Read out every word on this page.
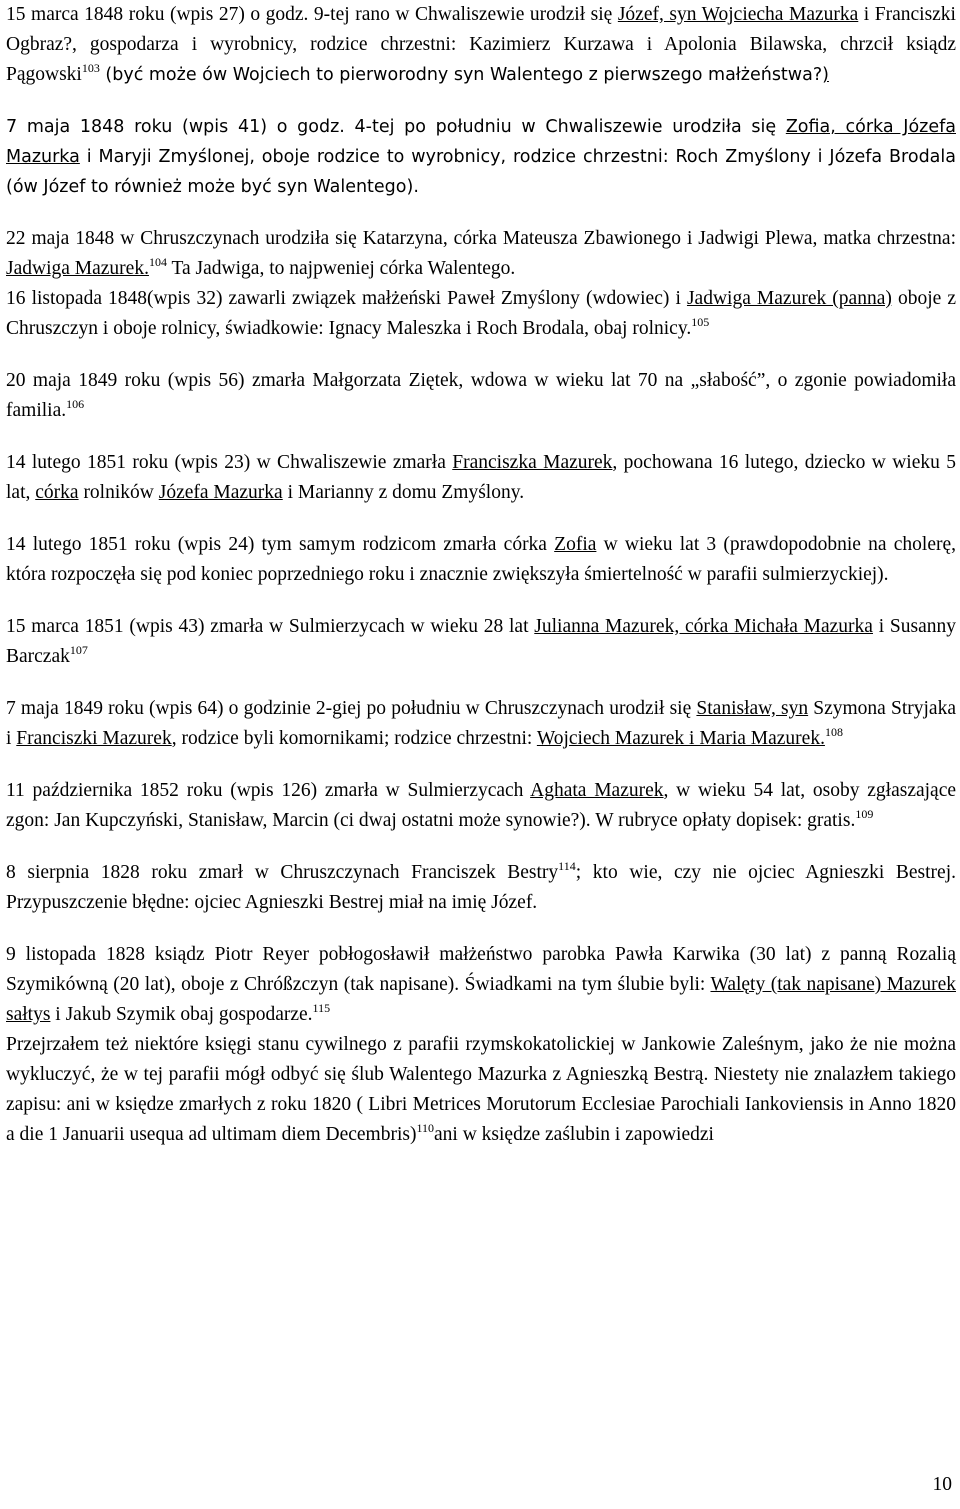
15 marca 1848 roku (wpis 27) o godz. 9-tej rano w Chwaliszewie urodził się Józef, syn Wojciecha Mazurka i Franciszki Ogbraz?, gospodarza i wyrobnicy, rodzice chrzestni: Kazimierz Kurzawa i Apolonia Bilawska, chrzcił ksiądz Pągowski$^{103}$ (być może ów Wojciech to pierworodny syn Walentego z pierwszego małżeństwa?)

7 maja 1848 roku (wpis 41) o godz. 4-tej po południu w Chwaliszewie urodziła się Zofia, córka Józefa Mazurka i Maryji Zmyślonej, oboje rodzice to wyrobnicy, rodzice chrzestni: Roch Zmyślony i Józefa Brodala (ów Józef to również może być syn Walentego).

22 maja 1848 w Chruszczynach urodziła się Katarzyna, córka Mateusza Zbawionego i Jadwigi Plewa, matka chrzestna: Jadwiga Mazurek.$^{104}$ Ta Jadwiga, to najpweniej córka Walentego.

16 listopada 1848(wpis 32) zawarli związek małżeński Paweł Zmyślony (wdowiec) i Jadwiga Mazurek (panna) oboje z Chruszczyn i oboje rolnicy, świadkowie: Ignacy Maleszka i Roch Brodala, obaj rolnicy.$^{105}$

20 maja 1849 roku (wpis 56) zmarła Małgorzata Ziętek, wdowa w wieku lat 70 na „słabość”, o zgonie powiadomiła familia.$^{106}$

14 lutego 1851 roku (wpis 23) w Chwaliszewie zmarła Franciszka Mazurek, pochowana 16 lutego, dziecko w wieku 5 lat, córka rolników Józefa Mazurka i Marianny z domu Zmyślony.

14 lutego 1851 roku (wpis 24) tym samym rodzicom zmarła córka Zofia w wieku lat 3 (prawdopodobnie na cholerę, która rozpoczęła się pod koniec poprzedniego roku i znacznie zwiększyła śmiertelność w parafii sulmierzyckiej).

15 marca 1851 (wpis 43) zmarła w Sulmierzycach w wieku 28 lat Julianna Mazurek, córka Michała Mazurka i Susanny Barczak$^{107}$

7 maja 1849 roku (wpis 64) o godzinie 2-giej po południu w Chruszczynach urodził się Stanisław, syn Szymona Stryjaka i Franciszki Mazurek, rodzice byli komornikami; rodzice chrzestni: Wojciech Mazurek i Maria Mazurek.$^{108}$

11 października 1852 roku (wpis 126) zmarła w Sulmierzycach Aghata Mazurek, w wieku 54 lat, osoby zgłaszające zgon: Jan Kupczyński, Stanisław, Marcin (ci dwaj ostatni może synowie?). W rubryce opłaty dopisek: gratis.$^{109}$

8 sierpnia 1828 roku zmarł w Chruszczynach Franciszek Bestry$^{114}$; kto wie, czy nie ojciec Agnieszki Bestrej. Przypuszczenie błędne: ojciec Agnieszki Bestrej miał na imię Józef.

9 listopada 1828 ksiądz Piotr Reyer pobłogosławił małżeństwo parobka Pawła Karwika (30 lat) z panną Rozalią Szymikówną (20 lat), oboje z Chróßzczyn (tak napisane). Świadkami na tym ślubie byli: Walęty (tak napisane) Mazurek sałtys i Jakub Szymik obaj gospodarze.$^{115}$

Przejrzałem też niektóre księgi stanu cywilnego z parafii rzymskokatolickiej w Jankowie Zaleśnym, jako że nie można wykluczyć, że w tej parafii mógł odbyć się ślub Walentego Mazurka z Agnieszką Bestrą. Niestety nie znalazłem takiego zapisu: ani w księdze zmarłych z roku 1820 ( Libri Metrices Morutorum Ecclesiae Parochiali Iankoviensis in Anno 1820 a die 1 Januarii usequa ad ultimam diem Decembris)$^{110}$ani w księdze zaślubin i zapowiedzi

10
